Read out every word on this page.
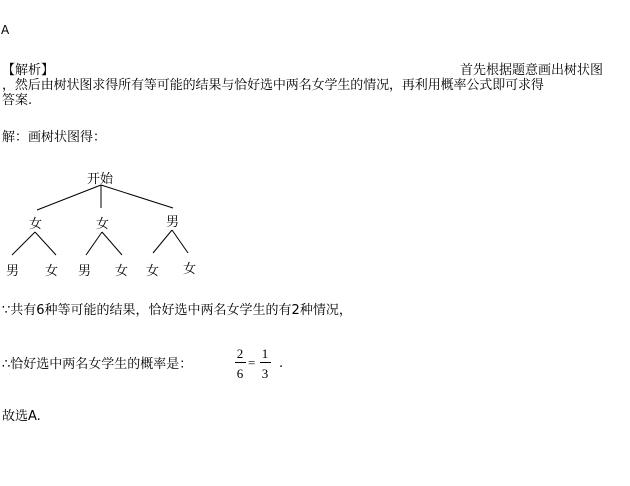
A
【解析】	首先根据题意画出树状图
，然后由树状图求得所有等可能的结果与恰好选中两名女学生的情况，再利用概率公式即可求得
答案.
解：画树状图得：
开始
女	女	男
男 女 男 女 女 女
∵共有6种等可能的结果，恰好选中两名女学生的有2种情况，
∴恰好选中两名女学生的概率是：
2
6
=
1
3
.
故选A.
